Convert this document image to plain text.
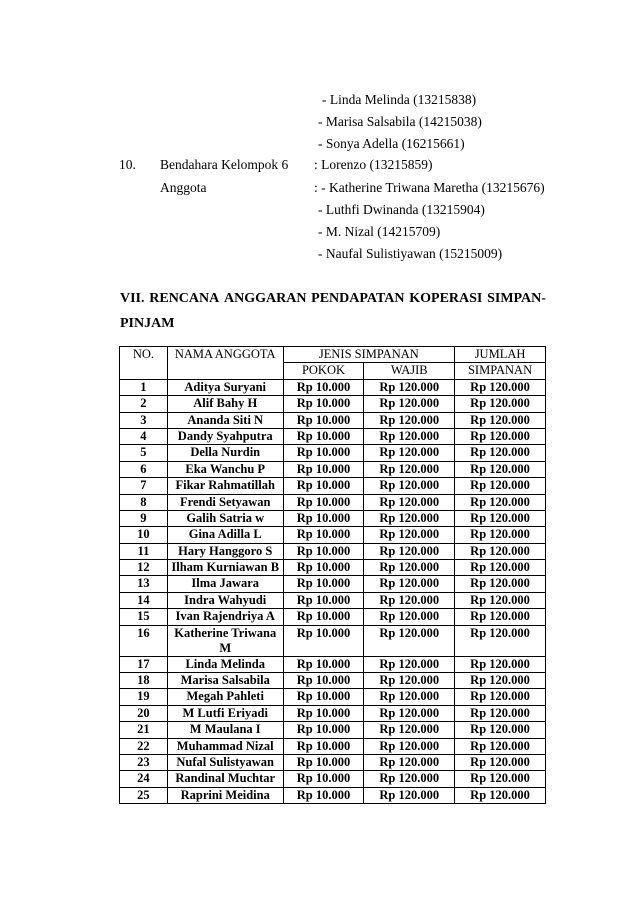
- Linda Melinda (13215838)
- Marisa Salsabila (14215038)
- Sonya Adella (16215661)
10. Bendahara Kelompok 6 : Lorenzo (13215859)
Anggota	: - Katherine Triwana Maretha (13215676)
- Luthfi Dwinanda (13215904)
- M. Nizal (14215709)
- Naufal Sulistiyawan (15215009)
VII. RENCANA ANGGARAN PENDAPATAN KOPERASI SIMPAN-
PINJAM
NO.	NAMA ANGGOTA	JENIS SIMPANAN		JUMLAH
		POKOK	WAJIB	SIMPANAN
1	Aditya Suryani	Rp 10.000	Rp 120.000	Rp 120.000
2	Alif Bahy H	Rp 10.000	Rp 120.000	Rp 120.000
3	Ananda Siti N	Rp 10.000	Rp 120.000	Rp 120.000
4	Dandy Syahputra	Rp 10.000	Rp 120.000	Rp 120.000
5	Della Nurdin	Rp 10.000	Rp 120.000	Rp 120.000
6	Eka Wanchu P	Rp 10.000	Rp 120.000	Rp 120.000
7	Fikar Rahmatillah	Rp 10.000	Rp 120.000	Rp 120.000
8	Frendi Setyawan	Rp 10.000	Rp 120.000	Rp 120.000
9	Galih Satria w	Rp 10.000	Rp 120.000	Rp 120.000
10	Gina Adilla L	Rp 10.000	Rp 120.000	Rp 120.000
11	Hary Hanggoro S	Rp 10.000	Rp 120.000	Rp 120.000
12	Ilham Kurniawan B	Rp 10.000	Rp 120.000	Rp 120.000
13	Ilma Jawara	Rp 10.000	Rp 120.000	Rp 120.000
14	Indra Wahyudi	Rp 10.000	Rp 120.000	Rp 120.000
15	Ivan Rajendriya A	Rp 10.000	Rp 120.000	Rp 120.000
16	Katherine Triwana M	Rp 10.000	Rp 120.000	Rp 120.000
17	Linda Melinda	Rp 10.000	Rp 120.000	Rp 120.000
18	Marisa Salsabila	Rp 10.000	Rp 120.000	Rp 120.000
19	Megah Pahleti	Rp 10.000	Rp 120.000	Rp 120.000
20	M Lutfi Eriyadi	Rp 10.000	Rp 120.000	Rp 120.000
21	M Maulana I	Rp 10.000	Rp 120.000	Rp 120.000
22	Muhammad Nizal	Rp 10.000	Rp 120.000	Rp 120.000
23	Nufal Sulistyawan	Rp 10.000	Rp 120.000	Rp 120.000
24	Randinal Muchtar	Rp 10.000	Rp 120.000	Rp 120.000
25	Raprini Meidina	Rp 10.000	Rp 120.000	Rp 120.000
